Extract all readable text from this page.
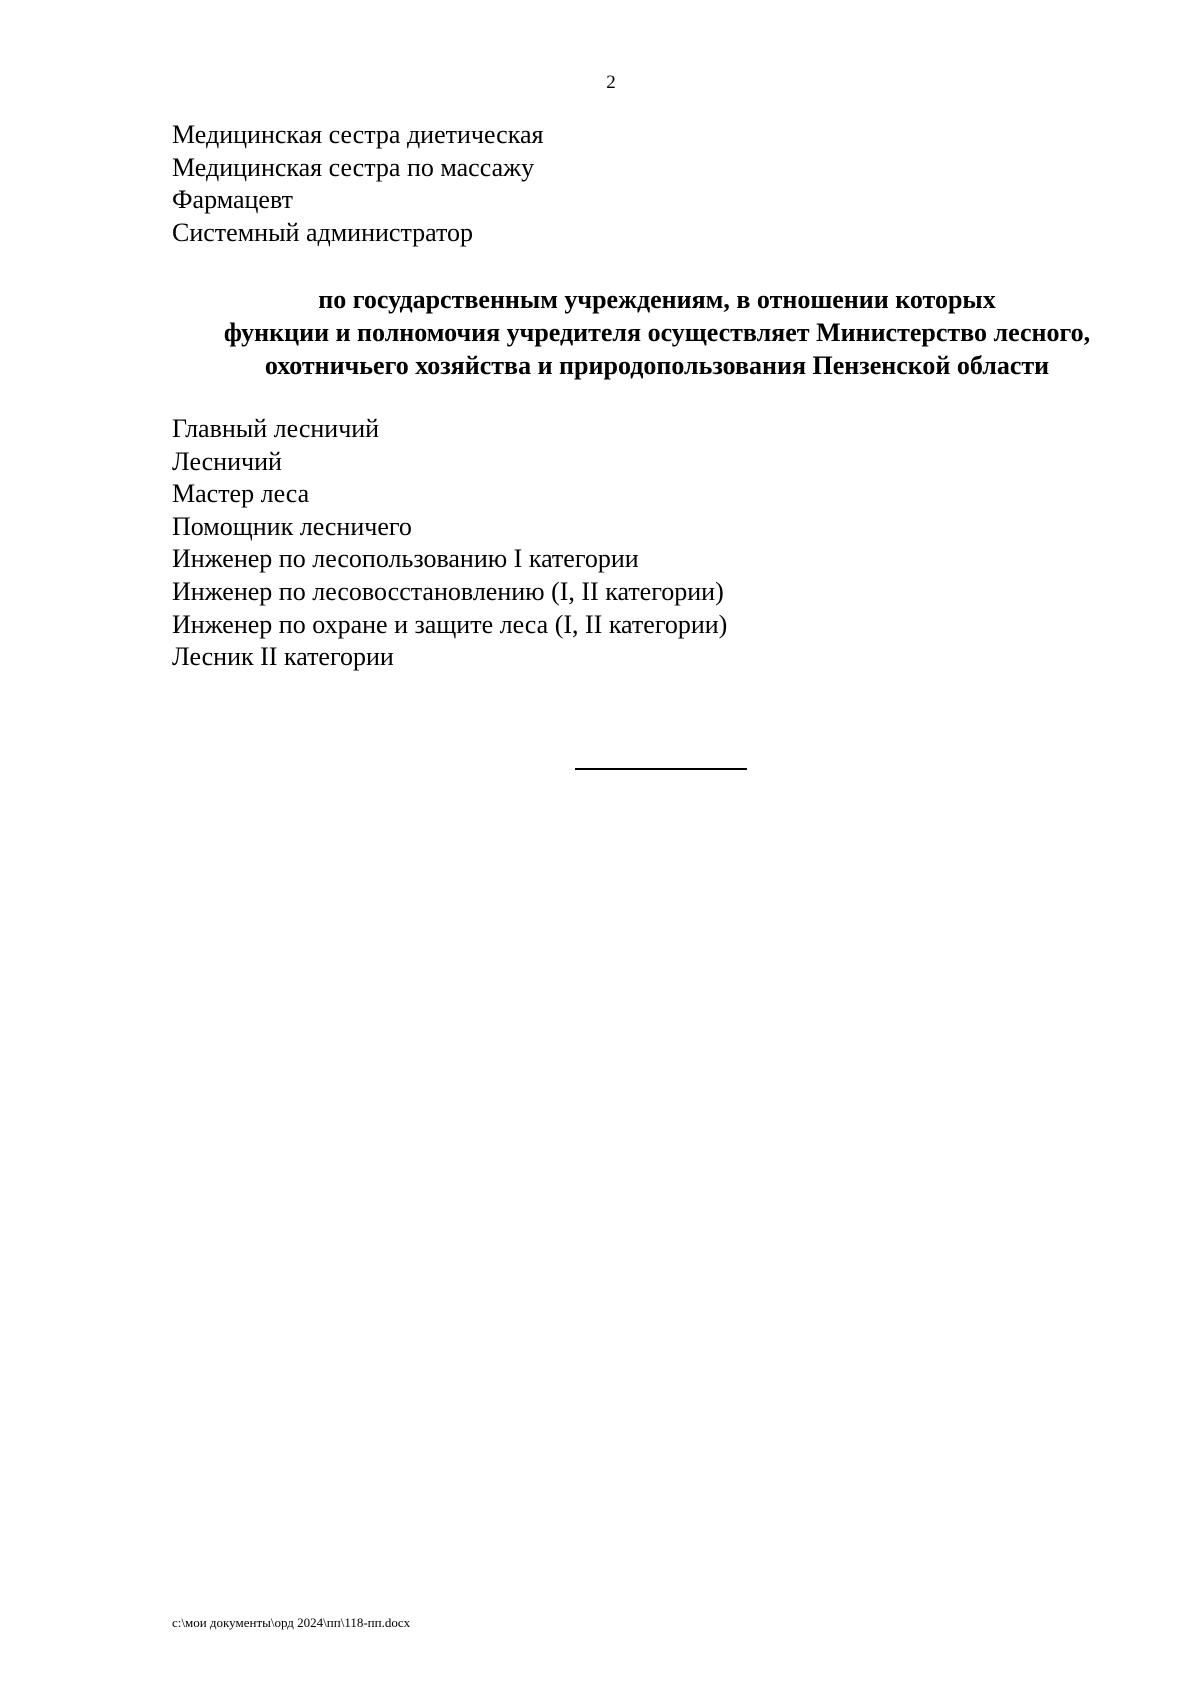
2
Медицинская сестра диетическая
Медицинская сестра по массажу
Фармацевт
Системный администратор
по государственным учреждениям, в отношении которых
функции и полномочия учредителя осуществляет Министерство лесного,
охотничьего хозяйства и природопользования Пензенской области
Главный лесничий
Лесничий
Мастер леса
Помощник лесничего
Инженер по лесопользованию I категории
Инженер по лесовосстановлению (I, II категории)
Инженер по охране и защите леса (I, II категории)
Лесник II категории
c:\мои документы\орд 2024\пп\118-пп.docx
